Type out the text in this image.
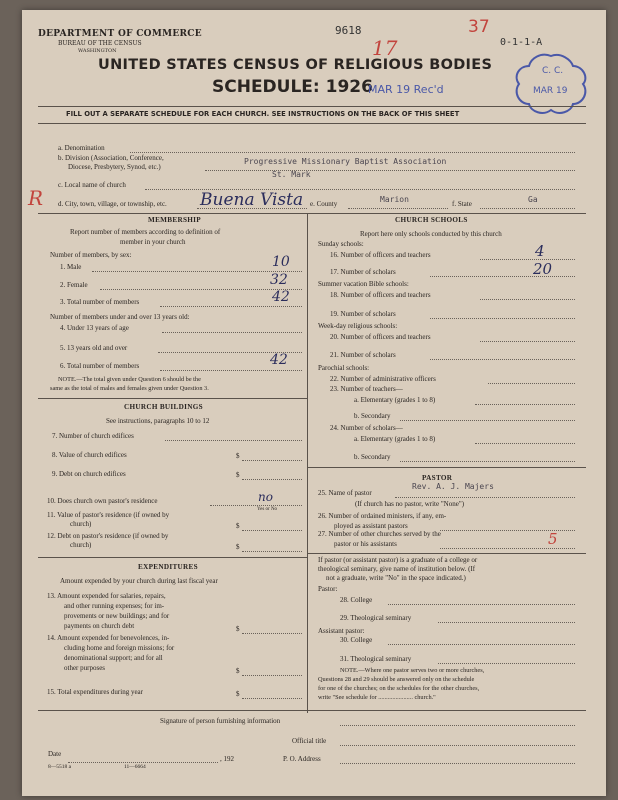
DEPARTMENT OF COMMERCE
BUREAU OF THE CENSUS
WASHINGTON
9618	37
0-1-1-A
17
UNITED STATES CENSUS OF RELIGIOUS BODIES
SCHEDULE: 1926
MAR 19 Rec'd
C. C.
MAR 19
FILL OUT A SEPARATE SCHEDULE FOR EACH CHURCH. SEE INSTRUCTIONS ON THE BACK OF THIS SHEET
a. Denomination
b. Division (Association, Conference,
Diocese, Presbytery, Synod, etc.)
Progressive Missionary Baptist Association
c. Local name of church
St. Mark
R d. City, town, village, or township, etc. Buena Vista e. County	Marion	f. State	Ga
MEMBERSHIP
Report number of members according to definition of
member in your church
Number of members, by sex:
1. Male	10
2. Female	32
3. Total number of members	42
Number of members under and over 13 years old:
4. Under 13 years of age
5. 13 years old and over
6. Total number of members	42
NOTE.—The total given under Question 6 should be the
same as the total of males and females given under Question 3.
CHURCH BUILDINGS
See instructions, paragraphs 10 to 12
7. Number of church edifices
8. Value of church edifices	$
9. Debt on church edifices	$
10. Does church own pastor's residence	no
Yes or No
11. Value of pastor's residence (if owned by
church)	$
12. Debt on pastor's residence (if owned by
church)	$
EXPENDITURES
Amount expended by your church during last fiscal year
13. Amount expended for salaries, repairs,
and other running expenses; for im-
provements or new buildings; and for
payments on church debt	$
14. Amount expended for benevolences, in-
cluding home and foreign missions; for
denominational support; and for all
other purposes	$
15. Total expenditures during year	$
CHURCH SCHOOLS
Report here only schools conducted by this church
Sunday schools:
16. Number of officers and teachers	4
17. Number of scholars	20
Summer vacation Bible schools:
18. Number of officers and teachers
19. Number of scholars
Week-day religious schools:
20. Number of officers and teachers
21. Number of scholars
Parochial schools:
22. Number of administrative officers
23. Number of teachers—
a. Elementary (grades 1 to 8)
b. Secondary
24. Number of scholars—
a. Elementary (grades 1 to 8)
b. Secondary
PASTOR
25. Name of pastor
Rev. A. J. Majers
(If church has no pastor, write "None")
26. Number of ordained ministers, if any, em-
ployed as assistant pastors
27. Number of other churches served by the
pastor or his assistants	5
If pastor (or assistant pastor) is a graduate of a college or
theological seminary, give name of institution below. (If
not a graduate, write "No" in the space indicated.)
Pastor:
28. College
29. Theological seminary
Assistant pastor:
30. College
31. Theological seminary
NOTE.—Where one pastor serves two or more churches,
Questions 28 and 29 should be answered only on the schedule
for one of the churches; on the schedules for the other churches,
write "See schedule for ...................... church."
Signature of person furnishing information
Official title
Date
, 192	P. O. Address
8—5518 a	11—6664
